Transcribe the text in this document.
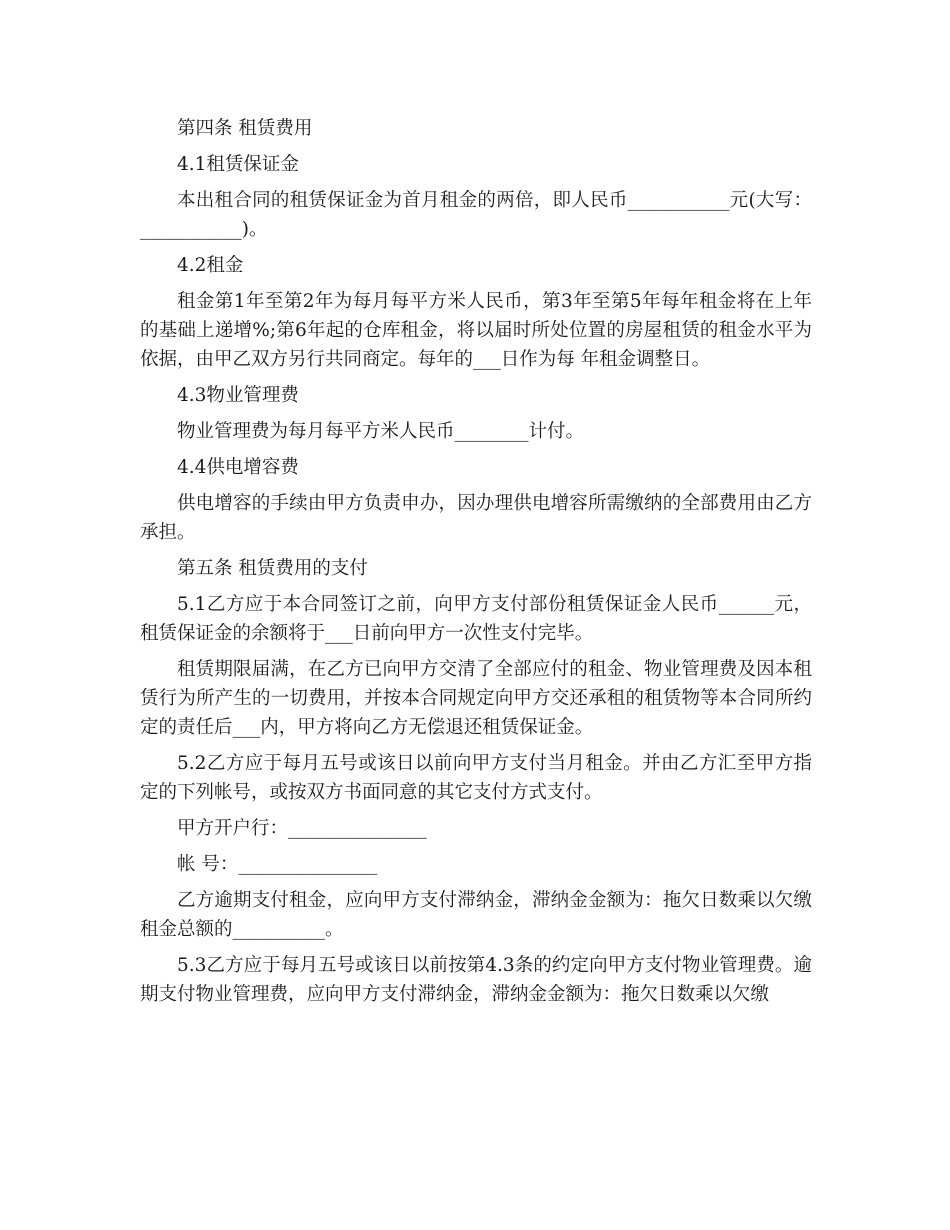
第四条 租赁费用

4.1租赁保证金

本出租合同的租赁保证金为首月租金的两倍，即人民币___________元(大写：___________)。

4.2租金

租金第1年至第2年为每月每平方米人民币，第3年至第5年每年租金将在上年的基础上递增%;第6年起的仓库租金，将以届时所处位置的房屋租赁的租金水平为依据，由甲乙双方另行共同商定。每年的___日作为每 年租金调整日。

4.3物业管理费

物业管理费为每月每平方米人民币________计付。

4.4供电增容费

供电增容的手续由甲方负责申办，因办理供电增容所需缴纳的全部费用由乙方承担。

第五条 租赁费用的支付

5.1乙方应于本合同签订之前，向甲方支付部份租赁保证金人民币______元，租赁保证金的余额将于___日前向甲方一次性支付完毕。

租赁期限届满，在乙方已向甲方交清了全部应付的租金、物业管理费及因本租赁行为所产生的一切费用，并按本合同规定向甲方交还承租的租赁物等本合同所约定的责任后___内，甲方将向乙方无偿退还租赁保证金。

5.2乙方应于每月五号或该日以前向甲方支付当月租金。并由乙方汇至甲方指定的下列帐号，或按双方书面同意的其它支付方式支付。

甲方开户行：_______________

帐 号：_______________

乙方逾期支付租金，应向甲方支付滞纳金，滞纳金金额为：拖欠日数乘以欠缴租金总额的__________。

5.3乙方应于每月五号或该日以前按第4.3条的约定向甲方支付物业管理费。逾期支付物业管理费，应向甲方支付滞纳金，滞纳金金额为：拖欠日数乘以欠缴
